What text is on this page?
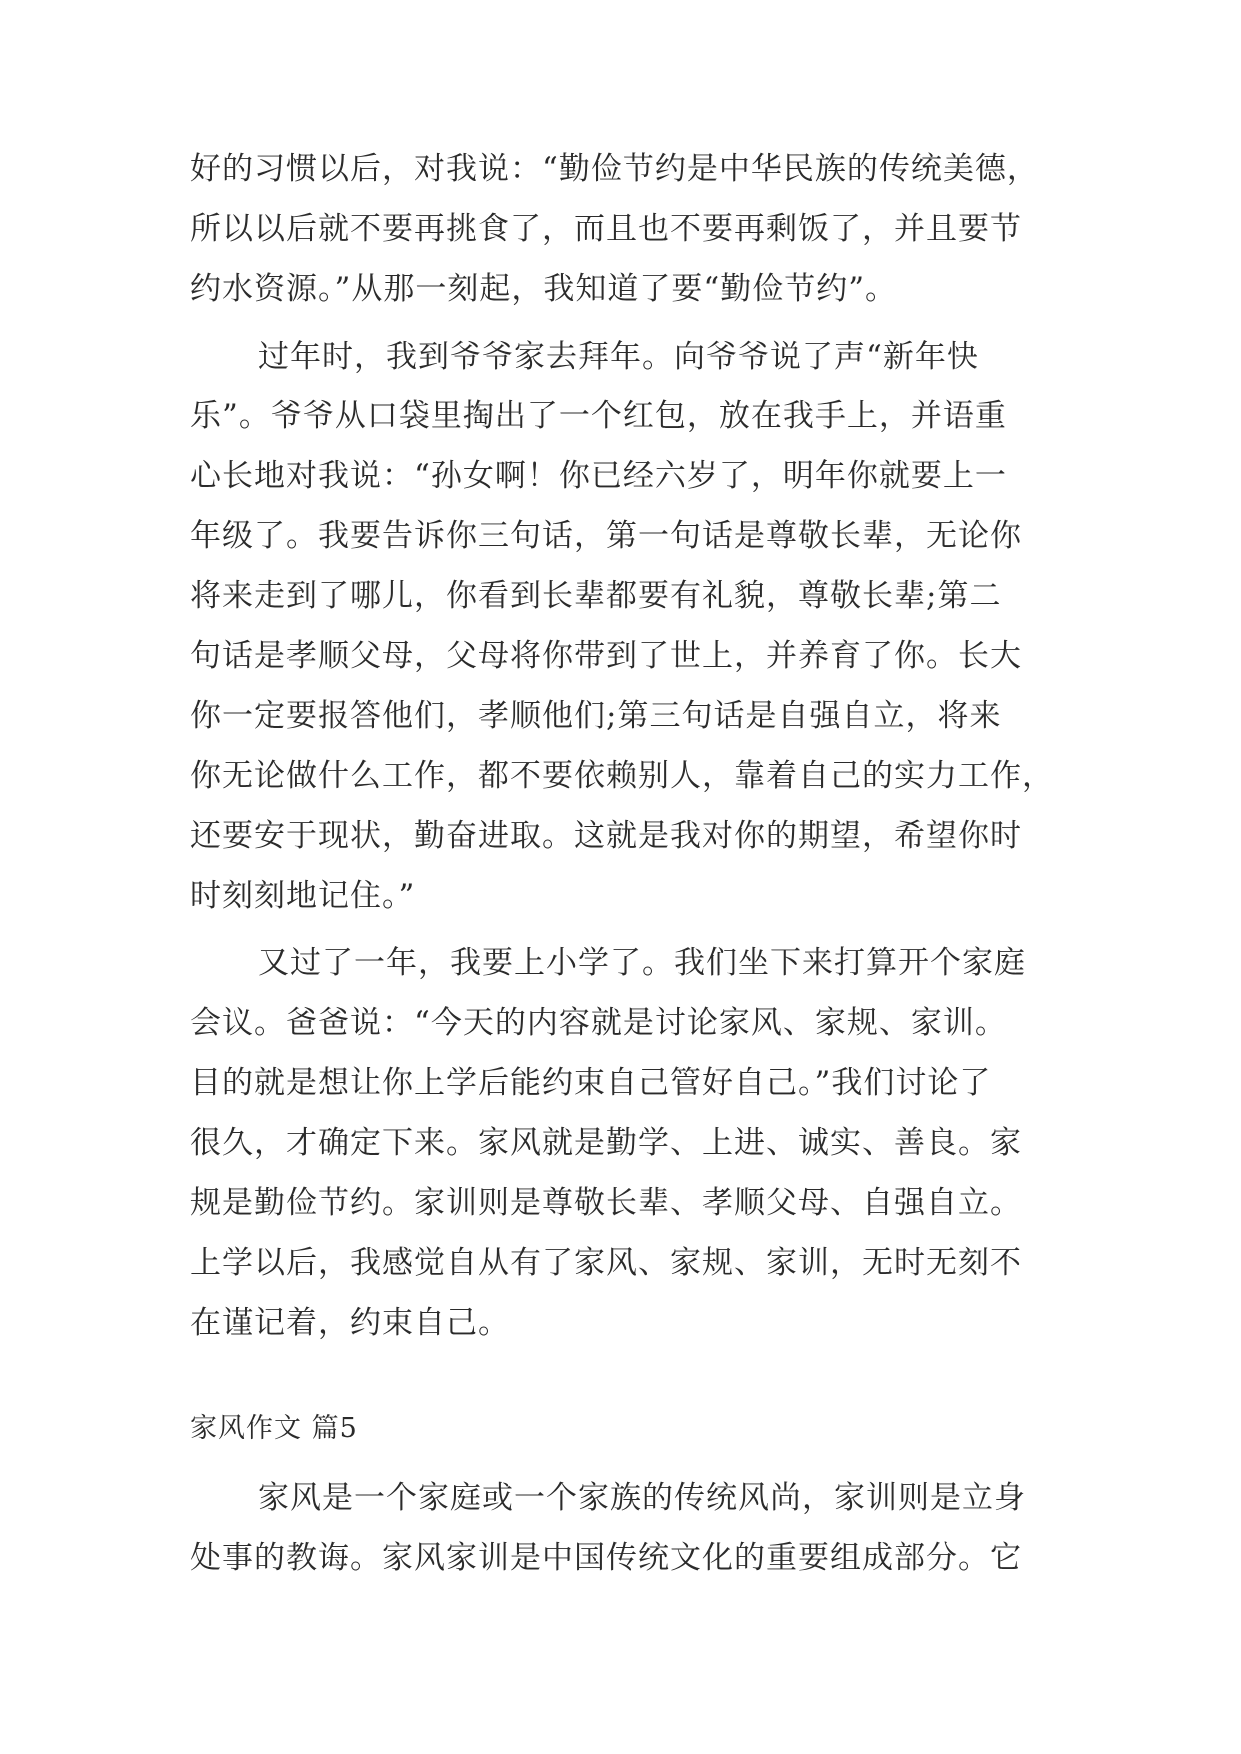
好的习惯以后，对我说：“勤俭节约是中华民族的传统美德，
所以以后就不要再挑食了，而且也不要再剩饭了，并且要节
约水资源。”从那一刻起，我知道了要“勤俭节约”。
过年时，我到爷爷家去拜年。向爷爷说了声“新年快
乐”。爷爷从口袋里掏出了一个红包，放在我手上，并语重
心长地对我说：“孙女啊！你已经六岁了，明年你就要上一
年级了。我要告诉你三句话，第一句话是尊敬长辈，无论你
将来走到了哪儿，你看到长辈都要有礼貌，尊敬长辈;第二
句话是孝顺父母，父母将你带到了世上，并养育了你。长大
你一定要报答他们，孝顺他们;第三句话是自强自立，将来
你无论做什么工作，都不要依赖别人，靠着自己的实力工作，
还要安于现状，勤奋进取。这就是我对你的期望，希望你时
时刻刻地记住。”
又过了一年，我要上小学了。我们坐下来打算开个家庭
会议。爸爸说：“今天的内容就是讨论家风、家规、家训。
目的就是想让你上学后能约束自己管好自己。”我们讨论了
很久，才确定下来。家风就是勤学、上进、诚实、善良。家
规是勤俭节约。家训则是尊敬长辈、孝顺父母、自强自立。
上学以后，我感觉自从有了家风、家规、家训，无时无刻不
在谨记着，约束自己。
家风作文 篇5
家风是一个家庭或一个家族的传统风尚，家训则是立身
处事的教诲。家风家训是中国传统文化的重要组成部分。它
